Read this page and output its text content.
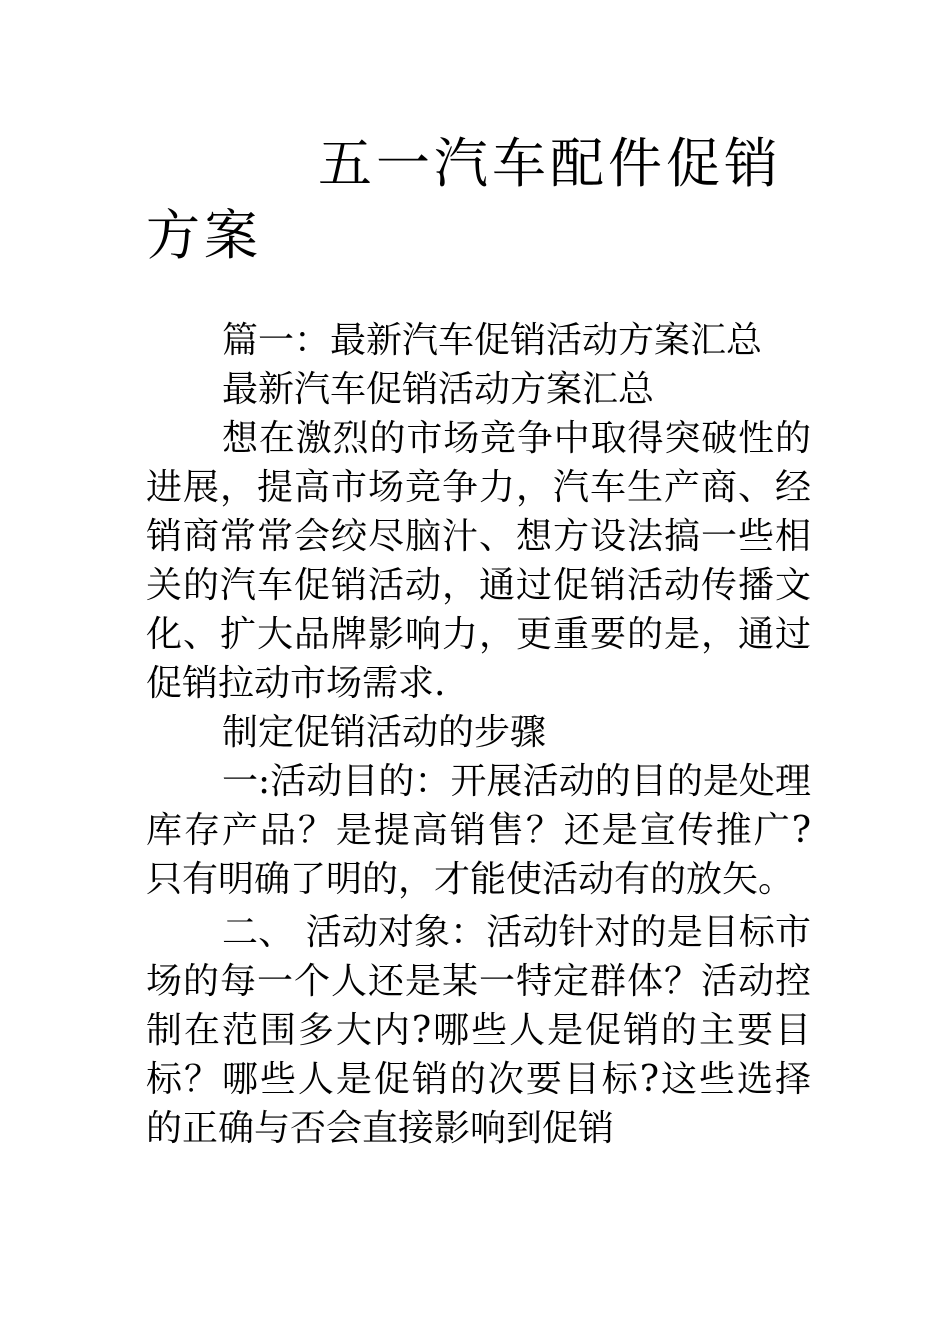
五一汽车配件促销方案

篇一：最新汽车促销活动方案汇总

最新汽车促销活动方案汇总

想在激烈的市场竞争中取得突破性的进展，提高市场竞争力，汽车生产商、经销商常常会绞尽脑汁、想方设法搞一些相关的汽车促销活动，通过促销活动传播文化、扩大品牌影响力，更重要的是，通过促销拉动市场需求.

制定促销活动的步骤

一:活动目的：开展活动的目的是处理库存产品？是提高销售？还是宣传推广?只有明确了明的，才能使活动有的放矢。

二、 活动对象：活动针对的是目标市场的每一个人还是某一特定群体？活动控制在范围多大内?哪些人是促销的主要目标？哪些人是促销的次要目标?这些选择的正确与否会直接影响到促销
